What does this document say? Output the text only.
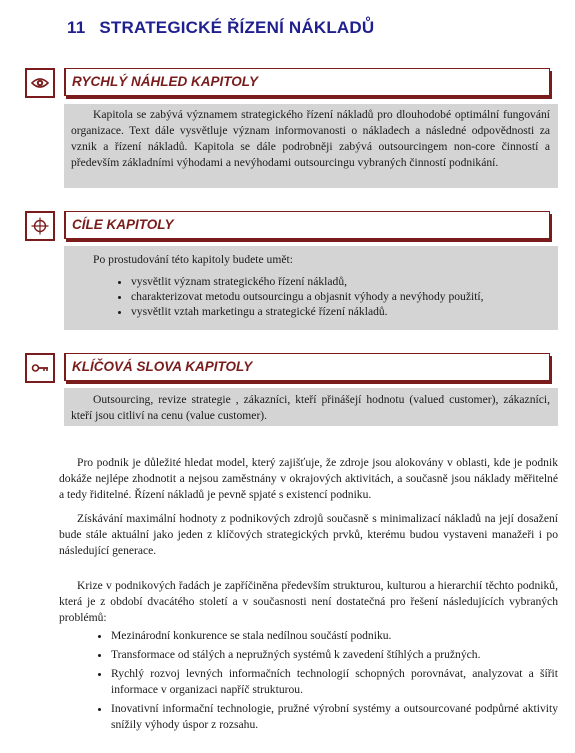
11 STRATEGICKÉ ŘÍZENÍ NÁKLADŮ
RYCHLÝ NÁHLED KAPITOLY

Kapitola se zabývá významem strategického řízení nákladů pro dlouhodobé optimální fungování organizace. Text dále vysvětluje význam informovanosti o nákladech a následné odpovědnosti za vznik a řízení nákladů. Kapitola se dále podrobněji zabývá outsourcingem non-core činností a především základními výhodami a nevýhodami outsourcingu vybraných činností podnikání.

CÍLE KAPITOLY

Po prostudování této kapitoly budete umět:

• vysvětlit význam strategického řízení nákladů,
• charakterizovat metodu outsourcingu a objasnit výhody a nevýhody použití,
• vysvětlit vztah marketingu a strategické řízení nákladů.
KLÍČOVÁ SLOVA KAPITOLY

Outsourcing, revize strategie , zákazníci, kteří přinášejí hodnotu (valued customer), zákazníci, kteří jsou citliví na cenu (value customer).

Pro podnik je důležité hledat model, který zajišťuje, že zdroje jsou alokovány v oblasti, kde je podnik dokáže nejlépe zhodnotit a nejsou zaměstnány v okrajových aktivitách, a současně jsou náklady měřitelné a tedy řiditelné. Řízení nákladů je pevně spjaté s existencí podniku.

Získávání maximální hodnoty z podnikových zdrojů současně s minimalizací nákladů na její dosažení bude stále aktuální jako jeden z klíčových strategických prvků, kterému budou vystaveni manažeři i po následující generace.

Krize v podnikových řadách je zapříčiněna především strukturou, kulturou a hierarchií těchto podniků, která je z období dvacátého století a v současnosti není dostatečná pro řešení následujících vybraných problémů:

• Mezinárodní konkurence se stala nedílnou součástí podniku.
• Transformace od stálých a nepružných systémů k zavedení štíhlých a pružných.
• Rychlý rozvoj levných informačních technologií schopných porovnávat, analyzovat a šířit informace v organizaci napříč strukturou.
• Inovativní informační technologie, pružné výrobní systémy a outsourcované podpůrné aktivity snížily výhody úspor z rozsahu.
